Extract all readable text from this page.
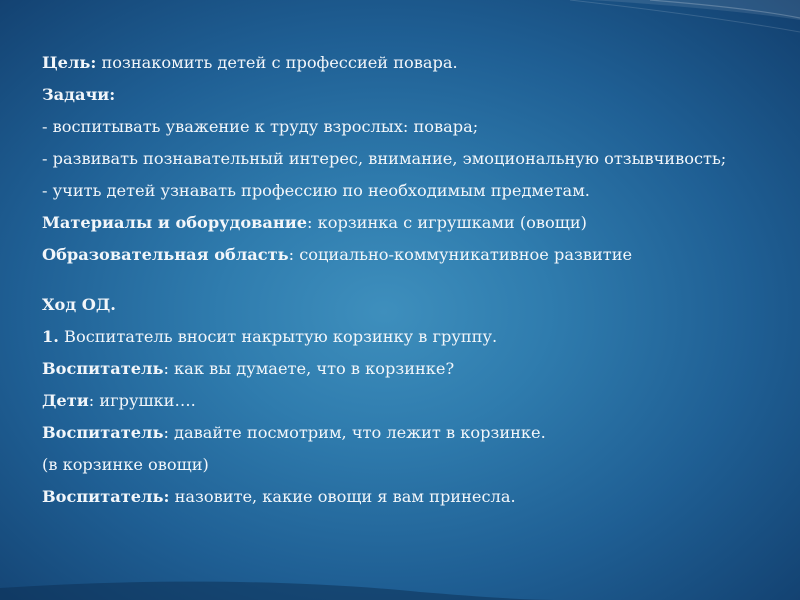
Цель: познакомить детей с профессией повара.

Задачи:

- воспитывать уважение к труду взрослых: повара;

- развивать познавательный интерес, внимание, эмоциональную отзывчивость;

- учить детей узнавать профессию по необходимым предметам.

Материалы и оборудование: корзинка с игрушками (овощи)

Образовательная область: социально-коммуникативное развитие

Ход ОД.

1. Воспитатель вносит накрытую корзинку в группу.

Воспитатель: как вы думаете, что в корзинке?

Дети: игрушки….

Воспитатель: давайте посмотрим, что лежит в корзинке.

(в корзинке овощи)

Воспитатель: назовите, какие овощи я вам принесла.
